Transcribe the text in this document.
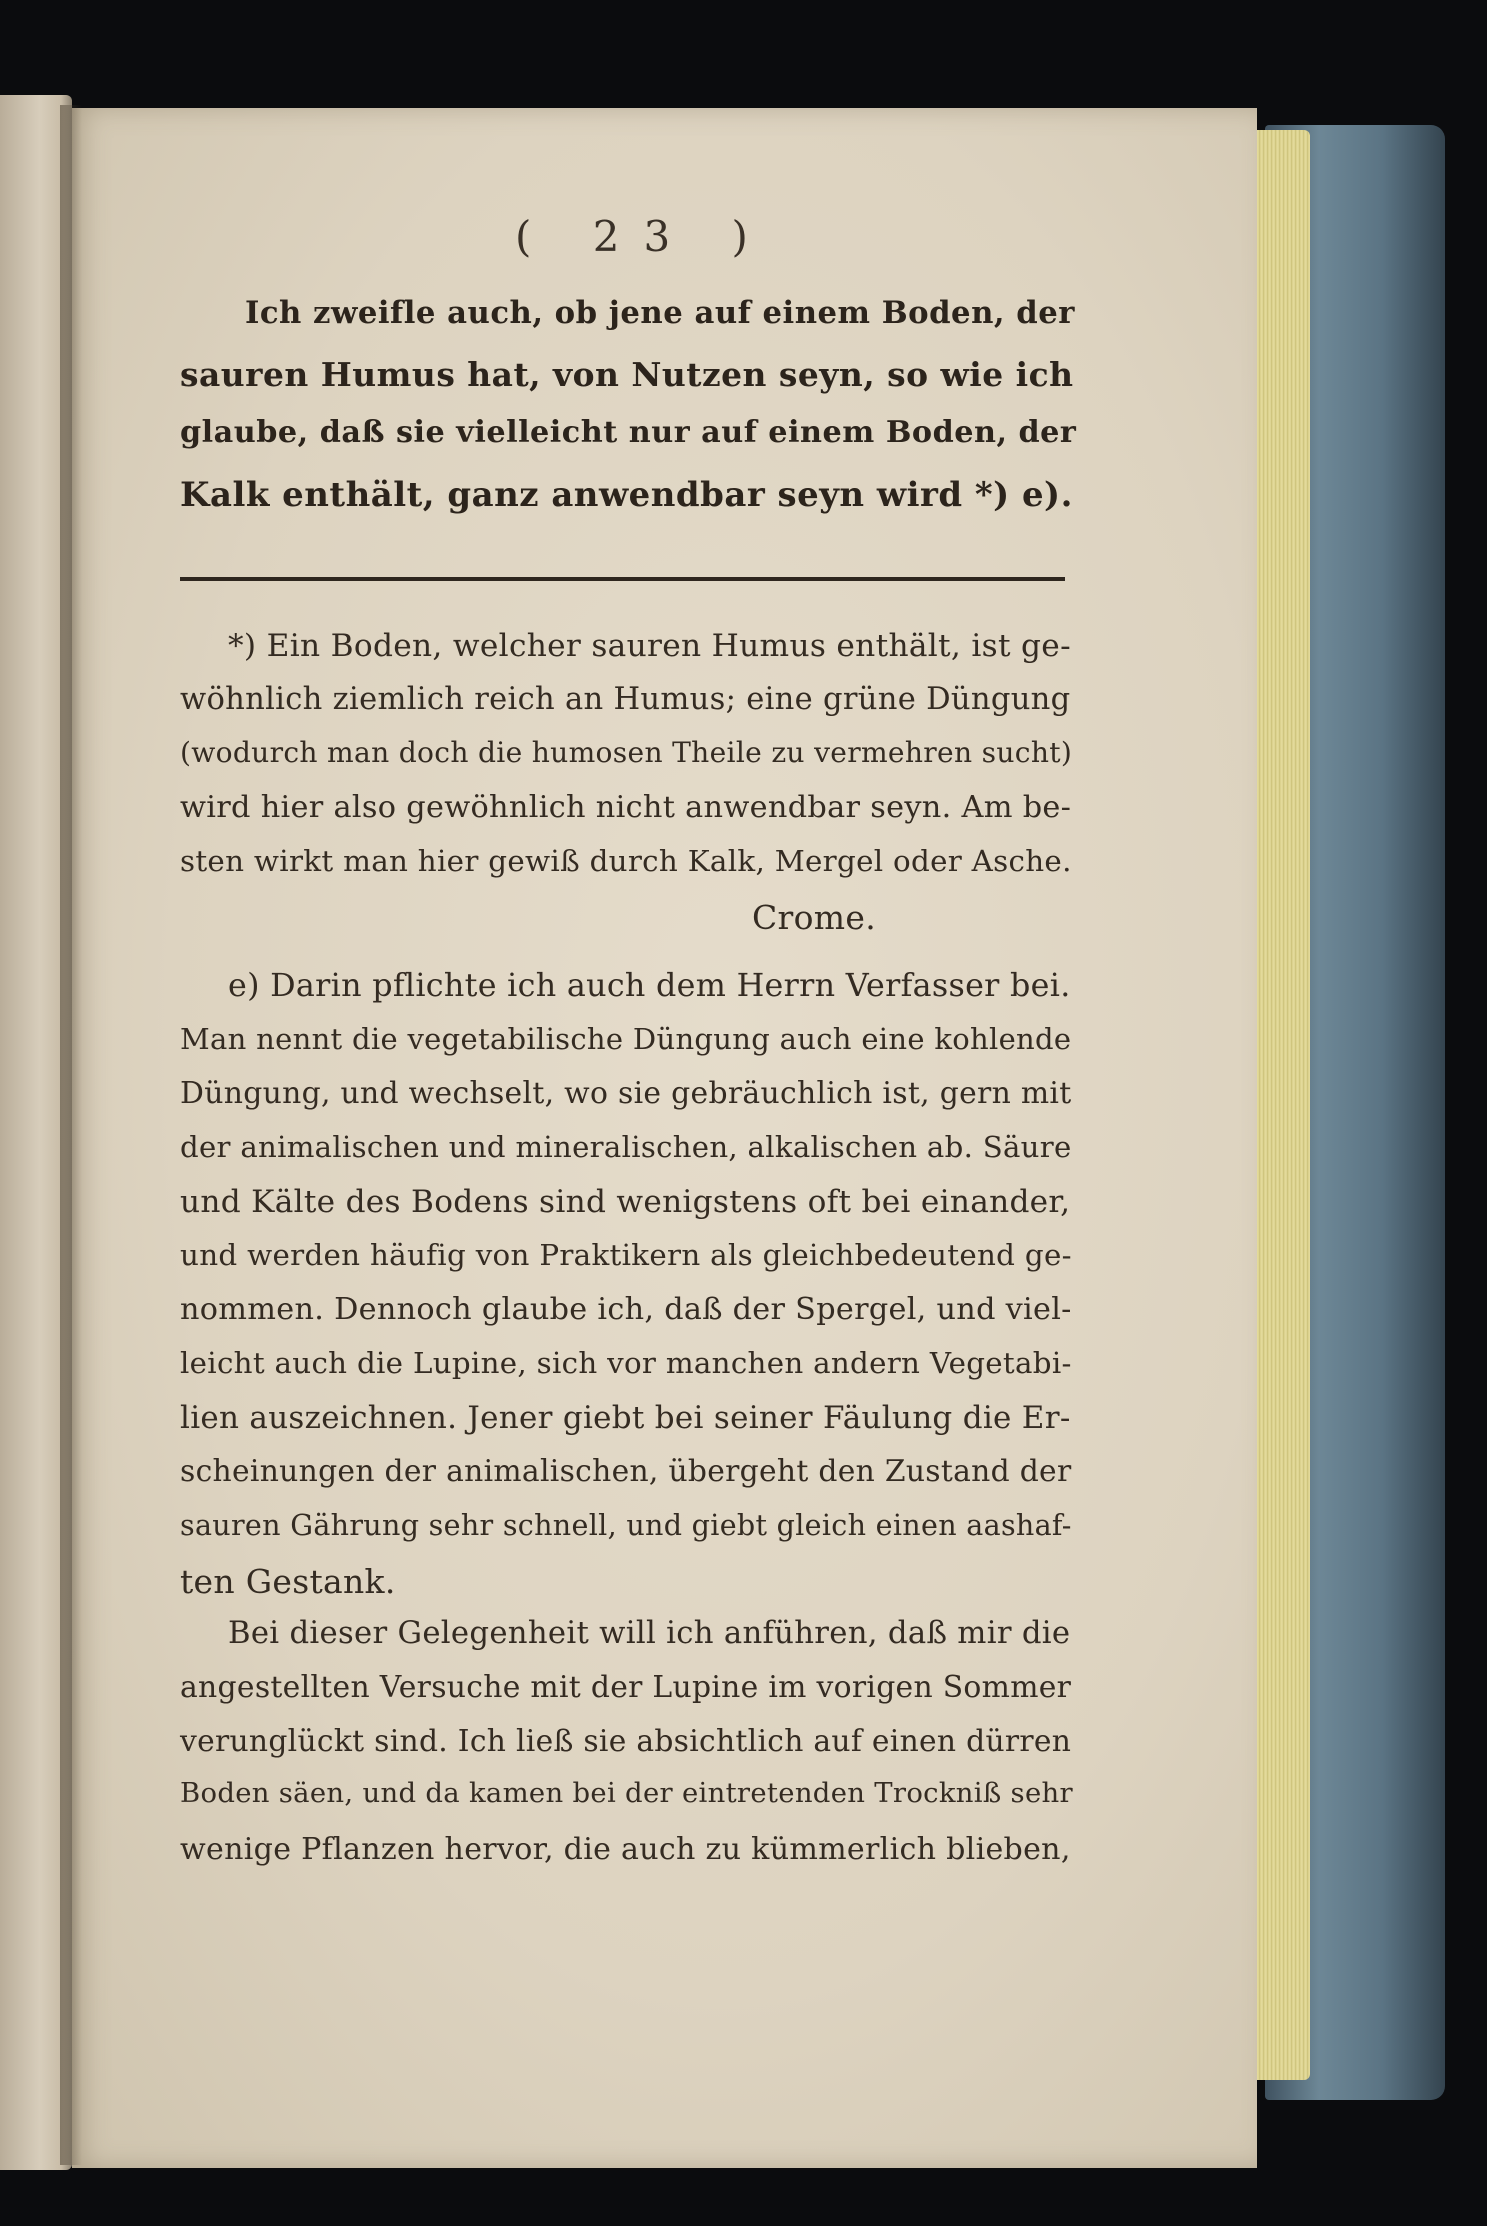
( 23 )
Ich zweifle auch, ob jene auf einem Boden, der
sauren Humus hat, von Nutzen seyn, so wie ich
glaube, daß sie vielleicht nur auf einem Boden, der
Kalk enthält, ganz anwendbar seyn wird *) e).
*) Ein Boden, welcher sauren Humus enthält, ist ge-
wöhnlich ziemlich reich an Humus; eine grüne Düngung
(wodurch man doch die humosen Theile zu vermehren sucht)
wird hier also gewöhnlich nicht anwendbar seyn. Am be-
sten wirkt man hier gewiß durch Kalk, Mergel oder Asche.
Crome.
e) Darin pflichte ich auch dem Herrn Verfasser bei.
Man nennt die vegetabilische Düngung auch eine kohlende
Düngung, und wechselt, wo sie gebräuchlich ist, gern mit
der animalischen und mineralischen, alkalischen ab. Säure
und Kälte des Bodens sind wenigstens oft bei einander,
und werden häufig von Praktikern als gleichbedeutend ge-
nommen. Dennoch glaube ich, daß der Spergel, und viel-
leicht auch die Lupine, sich vor manchen andern Vegetabi-
lien auszeichnen. Jener giebt bei seiner Fäulung die Er-
scheinungen der animalischen, übergeht den Zustand der
sauren Gährung sehr schnell, und giebt gleich einen aashaf-
ten Gestank.
Bei dieser Gelegenheit will ich anführen, daß mir die
angestellten Versuche mit der Lupine im vorigen Sommer
verunglückt sind. Ich ließ sie absichtlich auf einen dürren
Boden säen, und da kamen bei der eintretenden Trockniß sehr
wenige Pflanzen hervor, die auch zu kümmerlich blieben,
